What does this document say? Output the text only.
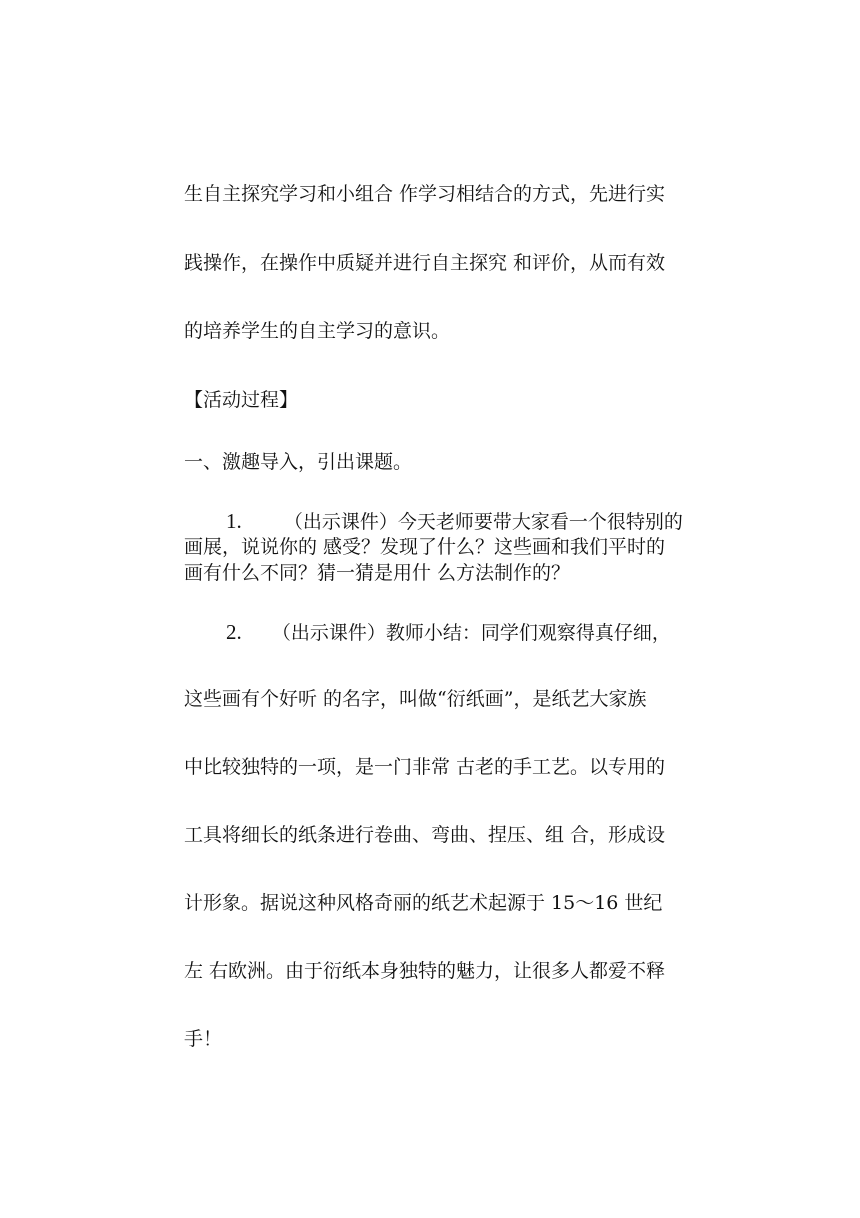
生自主探究学习和小组合 作学习相结合的方式，先进行实
践操作，在操作中质疑并进行自主探究 和评价，从而有效
的培养学生的自主学习的意识。
【活动过程】
一、激趣导入，引出课题。
1. （出示课件）今天老师要带大家看一个很特别的
画展，说说你的 感受？发现了什么？这些画和我们平时的
画有什么不同？猜一猜是用什 么方法制作的？
2. （出示课件）教师小结：同学们观察得真仔细，
这些画有个好听 的名字，叫做“衍纸画”，是纸艺大家族
中比较独特的一项，是一门非常 古老的手工艺。以专用的
工具将细长的纸条进行卷曲、弯曲、捏压、组 合，形成设
计形象。据说这种风格奇丽的纸艺术起源于 15～16 世纪
左 右欧洲。由于衍纸本身独特的魅力，让很多人都爱不释
手！
